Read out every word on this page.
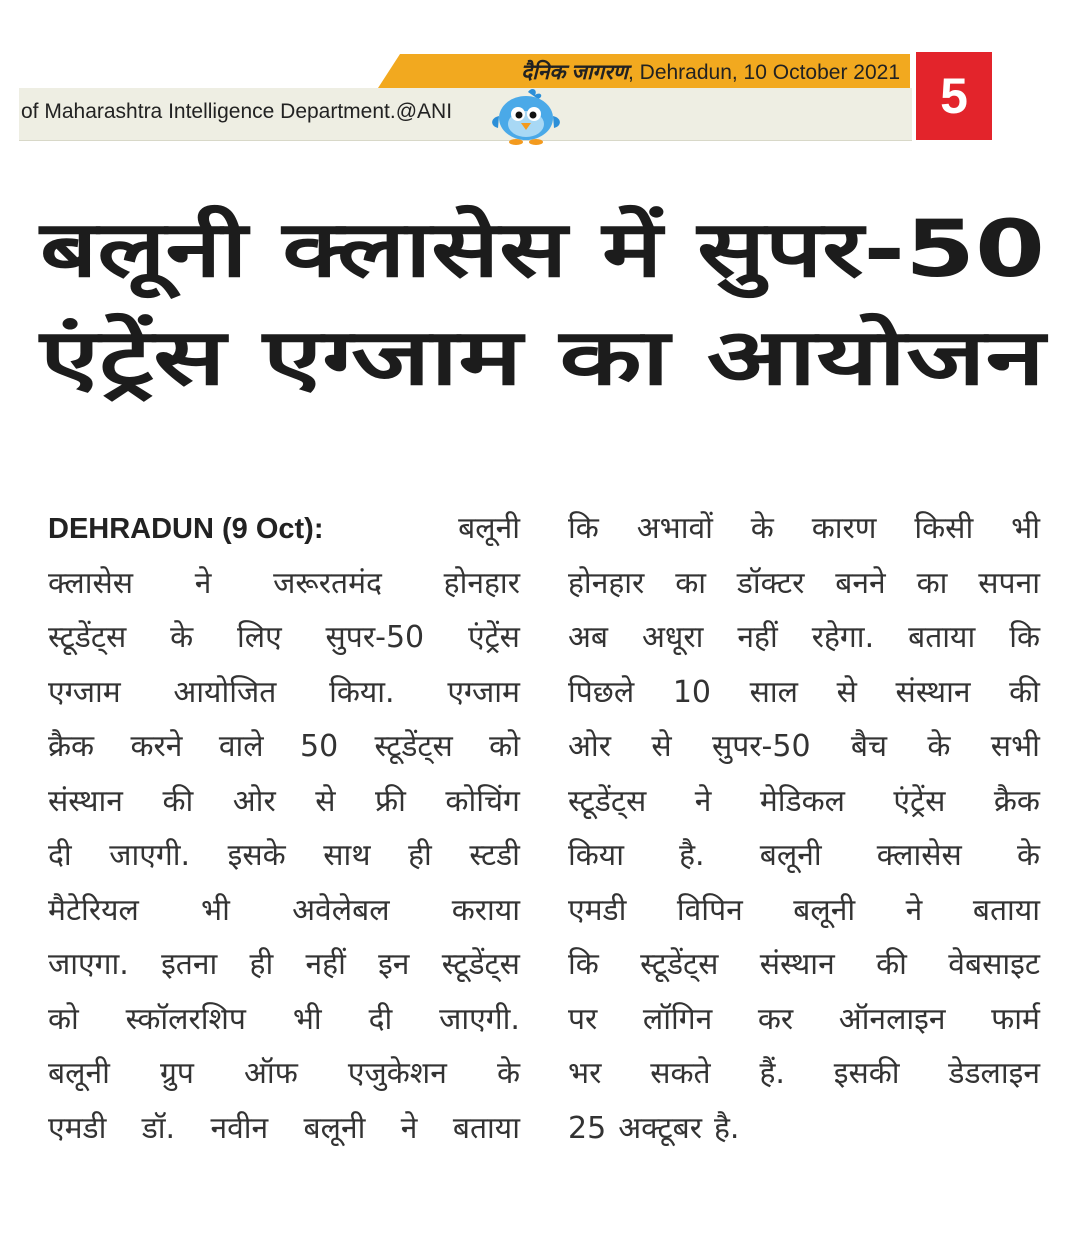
दैनिक जागरण, Dehradun, 10 October 2021
of Maharashtra Intelligence Department.@ANI	5
बलूनी क्लासेस में सुपर-50
एंट्रेंस एग्जाम का आयोजन
DEHRADUN (9 Oct):	बलूनी
क्लासेस ने जरूरतमंद होनहार
स्टूडेंट्स के लिए सुपर-50 एंट्रेंस
एग्जाम आयोजित किया. एग्जाम
क्रैक करने वाले 50 स्टूडेंट्स को
संस्थान की ओर से फ्री कोचिंग
दी जाएगी. इसके साथ ही स्टडी
मैटेरियल भी अवेलेबल कराया
जाएगा. इतना ही नहीं इन स्टूडेंट्स
को स्कॉलरशिप भी दी जाएगी.
बलूनी ग्रुप ऑफ एजुकेशन के
एमडी डॉ. नवीन बलूनी ने बताया
कि अभावों के कारण किसी भी
होनहार का डॉक्टर बनने का सपना
अब अधूरा नहीं रहेगा. बताया कि
पिछले 10 साल से संस्थान की
ओर से सुपर-50 बैच के सभी
स्टूडेंट्स ने मेडिकल एंट्रेंस क्रैक
किया है. बलूनी क्लासेस के
एमडी विपिन बलूनी ने बताया
कि स्टूडेंट्स संस्थान की वेबसाइट
पर लॉगिन कर ऑनलाइन फार्म
भर सकते हैं. इसकी डेडलाइन
25 अक्टूबर है.
